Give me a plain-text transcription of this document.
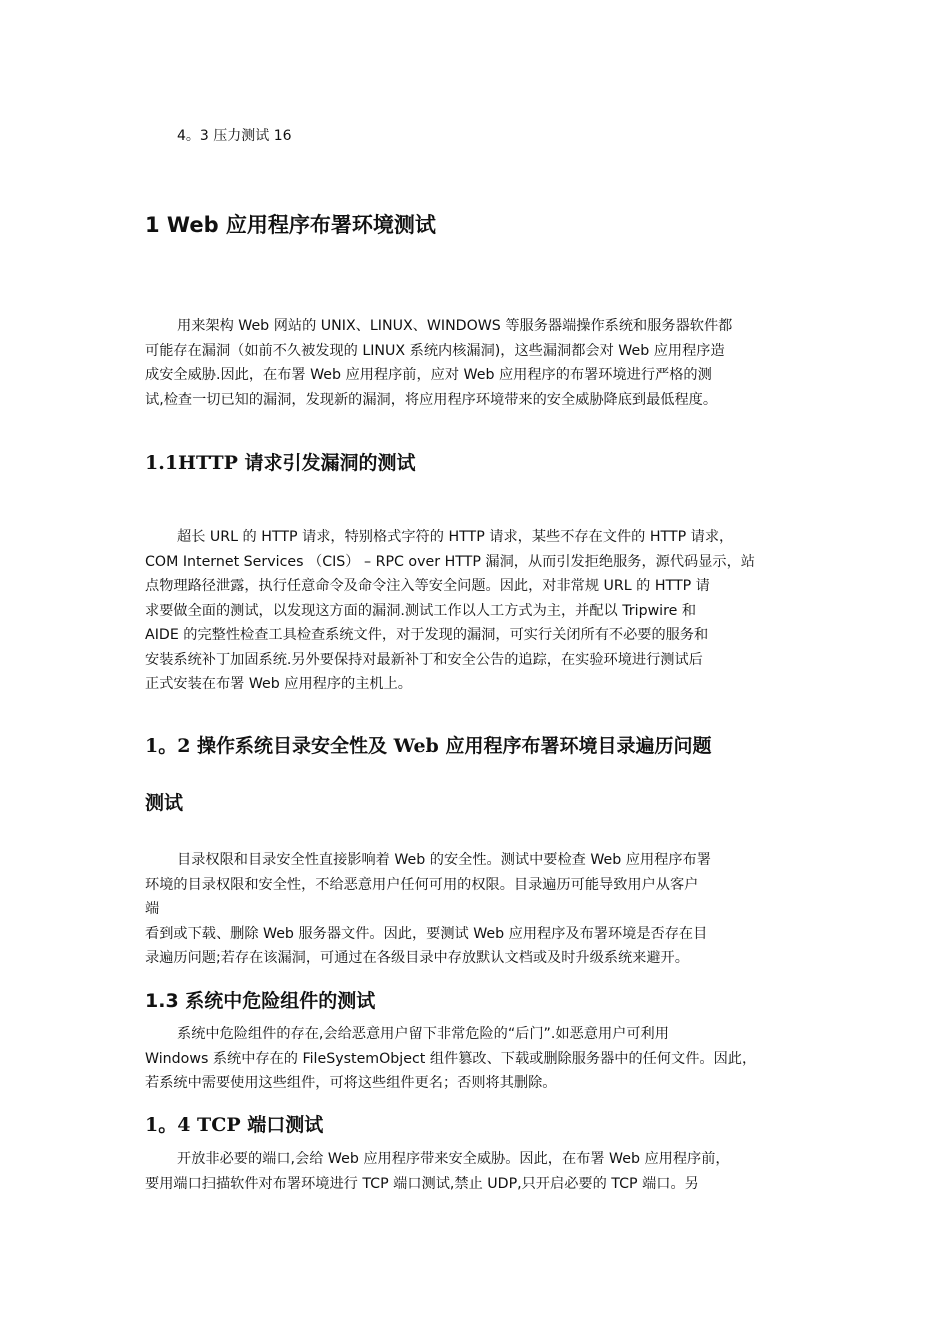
4。3 压力测试 16
1 Web 应用程序布署环境测试
用来架构 Web 网站的 UNIX、LINUX、WINDOWS 等服务器端操作系统和服务器软件都
可能存在漏洞（如前不久被发现的 LINUX 系统内核漏洞)，这些漏洞都会对 Web 应用程序造
成安全威胁.因此，在布署 Web 应用程序前，应对 Web 应用程序的布署环境进行严格的测
试,检查一切已知的漏洞，发现新的漏洞，将应用程序环境带来的安全威胁降底到最低程度。
1.1HTTP 请求引发漏洞的测试
超长 URL 的 HTTP 请求，特别格式字符的 HTTP 请求，某些不存在文件的 HTTP 请求，
COM Internet Services （CIS） – RPC over HTTP 漏洞，从而引发拒绝服务，源代码显示，站
点物理路径泄露，执行任意命令及命令注入等安全问题。因此，对非常规 URL 的 HTTP 请
求要做全面的测试，以发现这方面的漏洞.测试工作以人工方式为主，并配以 Tripwire 和
AIDE 的完整性检查工具检查系统文件，对于发现的漏洞，可实行关闭所有不必要的服务和
安装系统补丁加固系统.另外要保持对最新补丁和安全公告的追踪，在实验环境进行测试后
正式安装在布署 Web 应用程序的主机上。
1。2 操作系统目录安全性及 Web 应用程序布署环境目录遍历问题
测试
目录权限和目录安全性直接影响着 Web 的安全性。测试中要检查 Web 应用程序布署
环境的目录权限和安全性，不给恶意用户任何可用的权限。目录遍历可能导致用户从客户
端
看到或下载、删除 Web 服务器文件。因此，要测试 Web 应用程序及布署环境是否存在目
录遍历问题;若存在该漏洞，可通过在各级目录中存放默认文档或及时升级系统来避开。
1.3 系统中危险组件的测试
系统中危险组件的存在,会给恶意用户留下非常危险的“后门”.如恶意用户可利用
Windows 系统中存在的 FileSystemObject 组件篡改、下载或删除服务器中的任何文件。因此，
若系统中需要使用这些组件，可将这些组件更名；否则将其删除。
1。4 TCP 端口测试
开放非必要的端口,会给 Web 应用程序带来安全威胁。因此，在布署 Web 应用程序前，
要用端口扫描软件对布署环境进行 TCP 端口测试,禁止 UDP,只开启必要的 TCP 端口。另
